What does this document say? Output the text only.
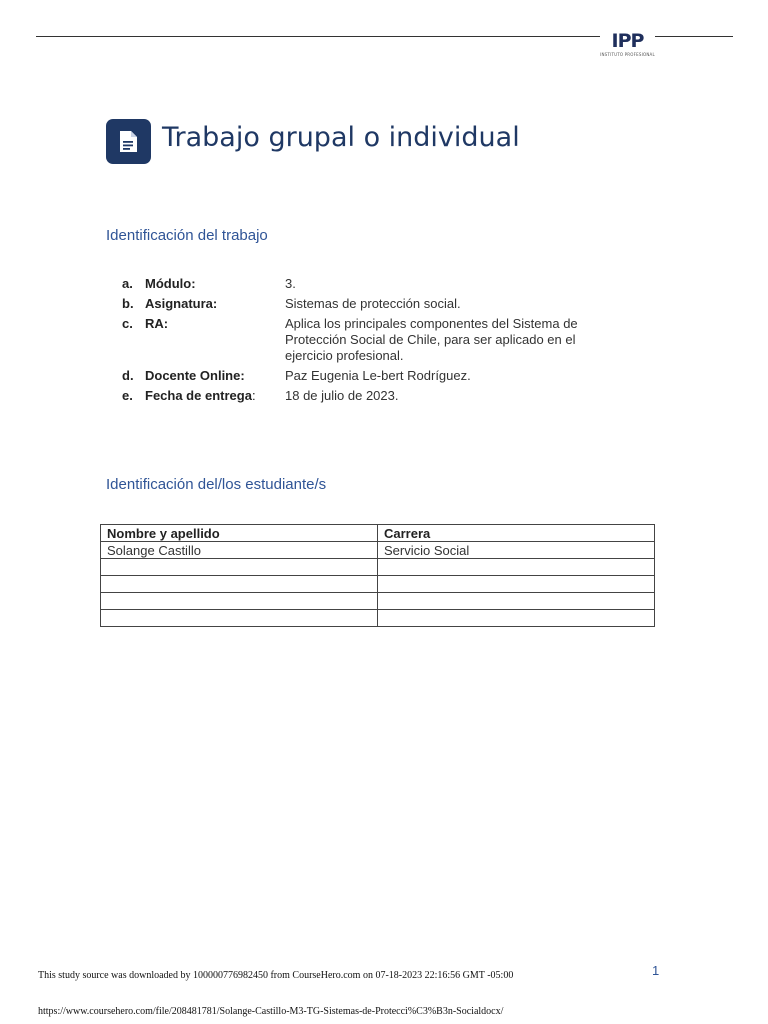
IPP
INSTITUTO PROFESIONAL
Trabajo grupal o individual
Identificación del trabajo
a. Módulo:	3.
b. Asignatura:	Sistemas de protección social.
c. RA:	Aplica los principales componentes del Sistema de Protección Social de Chile, para ser aplicado en el ejercicio profesional.
d. Docente Online:	Paz Eugenia Le-bert Rodríguez.
e. Fecha de entrega:	18 de julio de 2023.
Identificación del/los estudiante/s
Nombre y apellido	Carrera
Solange Castillo	Servicio Social

1
This study source was downloaded by 100000776982450 from CourseHero.com on 07-18-2023 22:16:56 GMT -05:00
https://www.coursehero.com/file/208481781/Solange-Castillo-M3-TG-Sistemas-de-Protecci%C3%B3n-Socialdocx/
